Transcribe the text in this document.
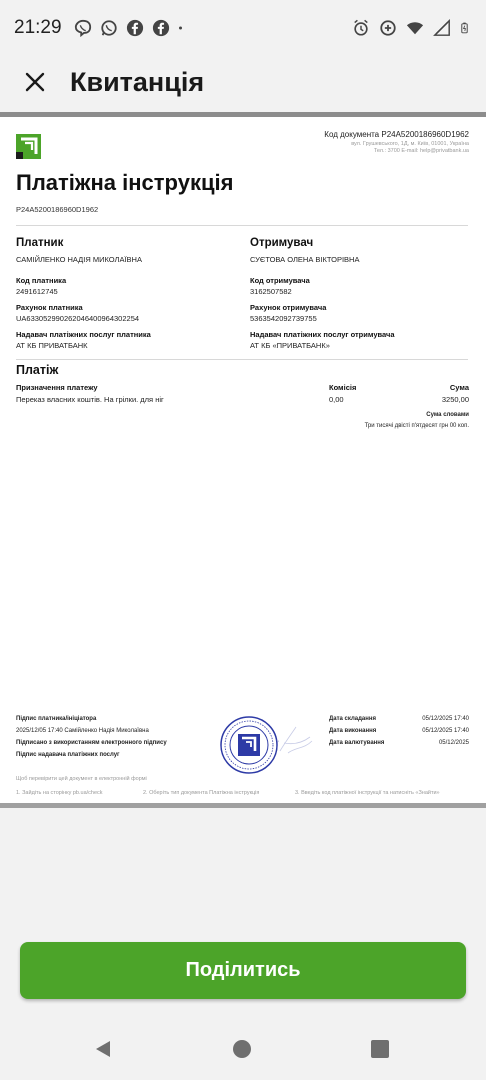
21:29
Квитанція
Код документа P24A5200186960D1962
вул. Грушевського, 1Д, м. Київ, 01001, Україна
Тел.: 3700 E-mail: help@privatbank.ua
Платіжна інструкція
P24A5200186960D1962
Платник
САМІЙЛЕНКО НАДІЯ МИКОЛАЇВНА
Код платника
2491612745
Рахунок платника
UA633052990262046400964302254
Надавач платіжних послуг платника
АТ КБ ПРИВАТБАНК
Отримувач
СУЄТОВА ОЛЕНА ВІКТОРІВНА
Код отримувача
3162507582
Рахунок отримувача
5363542092739755
Надавач платіжних послуг отримувача
АТ КБ «ПРИВАТБАНК»
Платіж
Призначення платежу
Переказ власних коштів. На грілки. для ніг
Комісія
0,00
Сума
3250,00
Сума словами
Три тисячі двісті п'ятдесят грн 00 коп.
Підпис платника/ініціатора
2025/12/05 17:40 Самійленко Надія Миколаївна
Підписано з використанням електронного підпису
Підпис надавача платіжних послуг
Дата складання	05/12/2025 17:40
Дата виконання	05/12/2025 17:40
Дата валютування	05/12/2025
Щоб перевірити цей документ в електронній формі
1. Зайдіть на сторінку pb.ua/check	2. Оберіть тип документа Платіжна інструкція	3. Введіть код платіжної інструкції та натисніть «Знайти»
Поділитись
